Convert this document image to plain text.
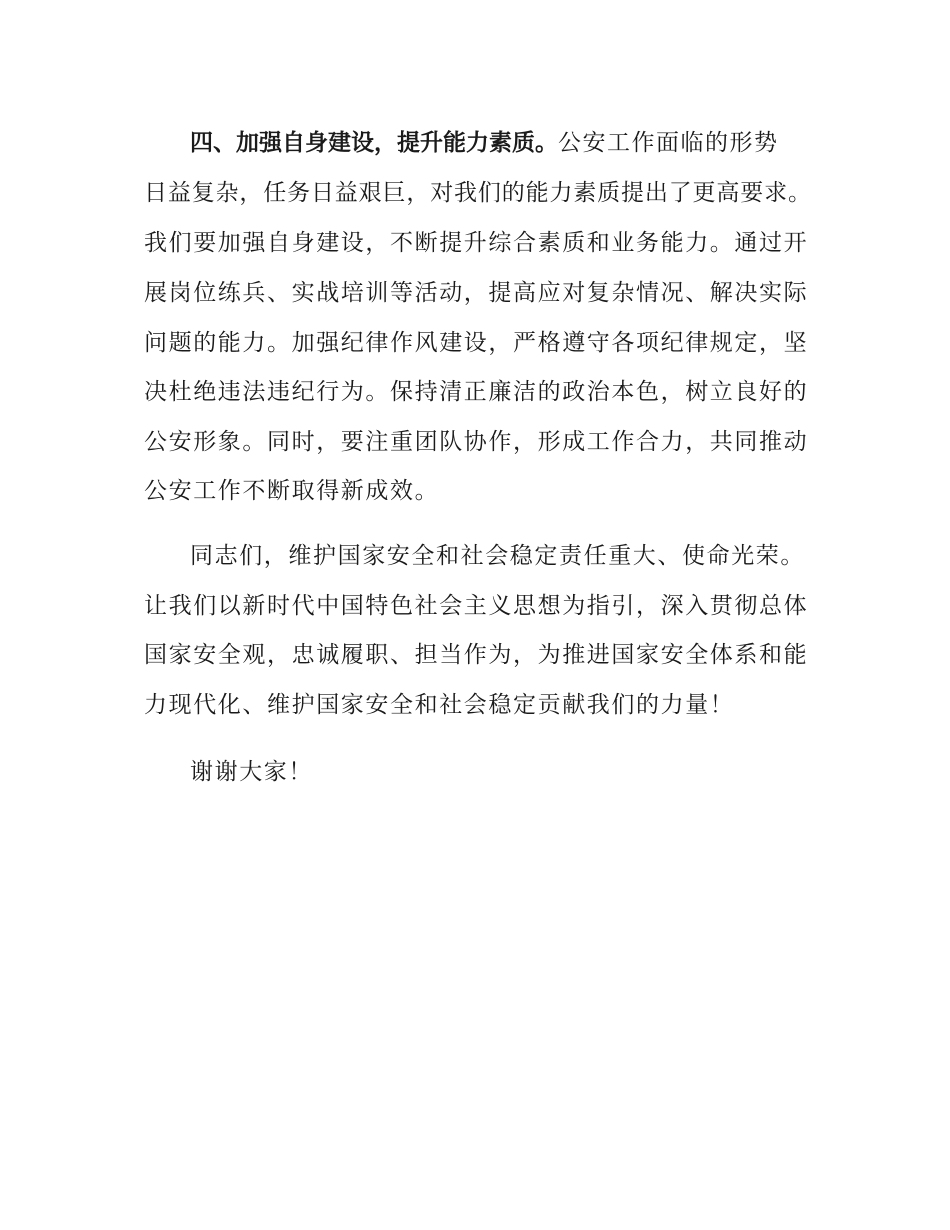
四、加强自身建设，提升能力素质。公安工作面临的形势
日益复杂，任务日益艰巨，对我们的能力素质提出了更高要求。
我们要加强自身建设，不断提升综合素质和业务能力。通过开
展岗位练兵、实战培训等活动，提高应对复杂情况、解决实际
问题的能力。加强纪律作风建设，严格遵守各项纪律规定，坚
决杜绝违法违纪行为。保持清正廉洁的政治本色，树立良好的
公安形象。同时，要注重团队协作，形成工作合力，共同推动
公安工作不断取得新成效。
同志们，维护国家安全和社会稳定责任重大、使命光荣。
让我们以新时代中国特色社会主义思想为指引，深入贯彻总体
国家安全观，忠诚履职、担当作为，为推进国家安全体系和能
力现代化、维护国家安全和社会稳定贡献我们的力量！
谢谢大家！
